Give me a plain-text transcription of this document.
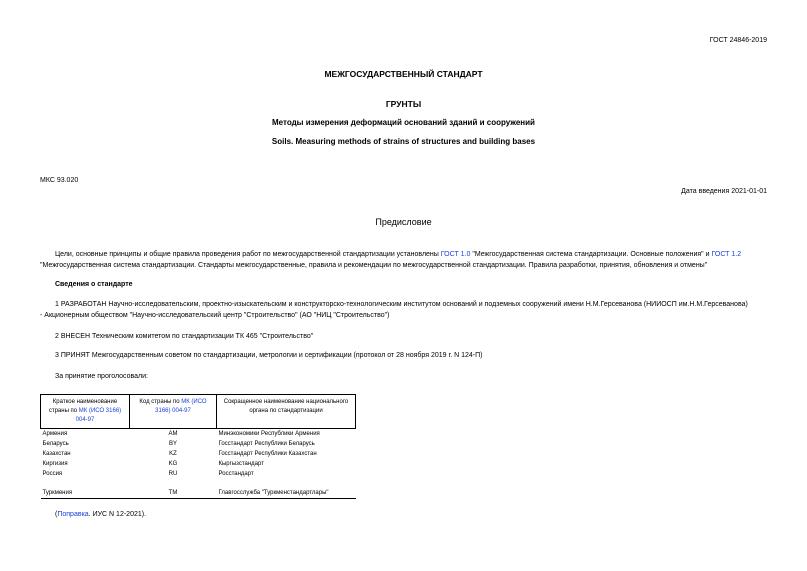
ГОСТ 24846-2019
МЕЖГОСУДАРСТВЕННЫЙ СТАНДАРТ
ГРУНТЫ
Методы измерения деформаций оснований зданий и сооружений
Soils. Measuring methods of strains of structures and building bases
МКС 93.020
Дата введения 2021-01-01
Предисловие
Цели, основные принципы и общие правила проведения работ по межгосударственной стандартизации установлены ГОСТ 1.0 "Межгосударственная система стандартизации. Основные положения" и ГОСТ 1.2
"Межгосударственная система стандартизации. Стандарты межгосударственные, правила и рекомендации по межгосударственной стандартизации. Правила разработки, принятия, обновления и отмены"
Сведения о стандарте
1 РАЗРАБОТАН Научно-исследовательским, проектно-изыскательским и конструкторско-технологическим институтом оснований и подземных сооружений имени Н.М.Герсеванова (НИИОСП им.Н.М.Герсеванова)
- Акционерным обществом "Научно-исследовательский центр "Строительство" (АО "НИЦ "Строительство")
2 ВНЕСЕН Техническим комитетом по стандартизации ТК 465 "Строительство"
3 ПРИНЯТ Межгосударственным советом по стандартизации, метрологии и сертификации (протокол от 28 ноября 2019 г. N 124-П)
За принятие проголосовали:
Краткое наименование страны по МК (ИСО 3166) 004-97	Код страны по МК (ИСО 3166) 004-97	Сокращенное наименование национального органа по стандартизации
Армения	AM	Минэкономики Республики Армения
Беларусь	BY	Госстандарт Республики Беларусь
Казахстан	KZ	Госстандарт Республики Казахстан
Киргизия	KG	Кыргызстандарт
Россия	RU	Росстандарт

Туркмения	TM	Главгосслужба "Туркменстандартлары"
(Поправка. ИУС N 12-2021).
